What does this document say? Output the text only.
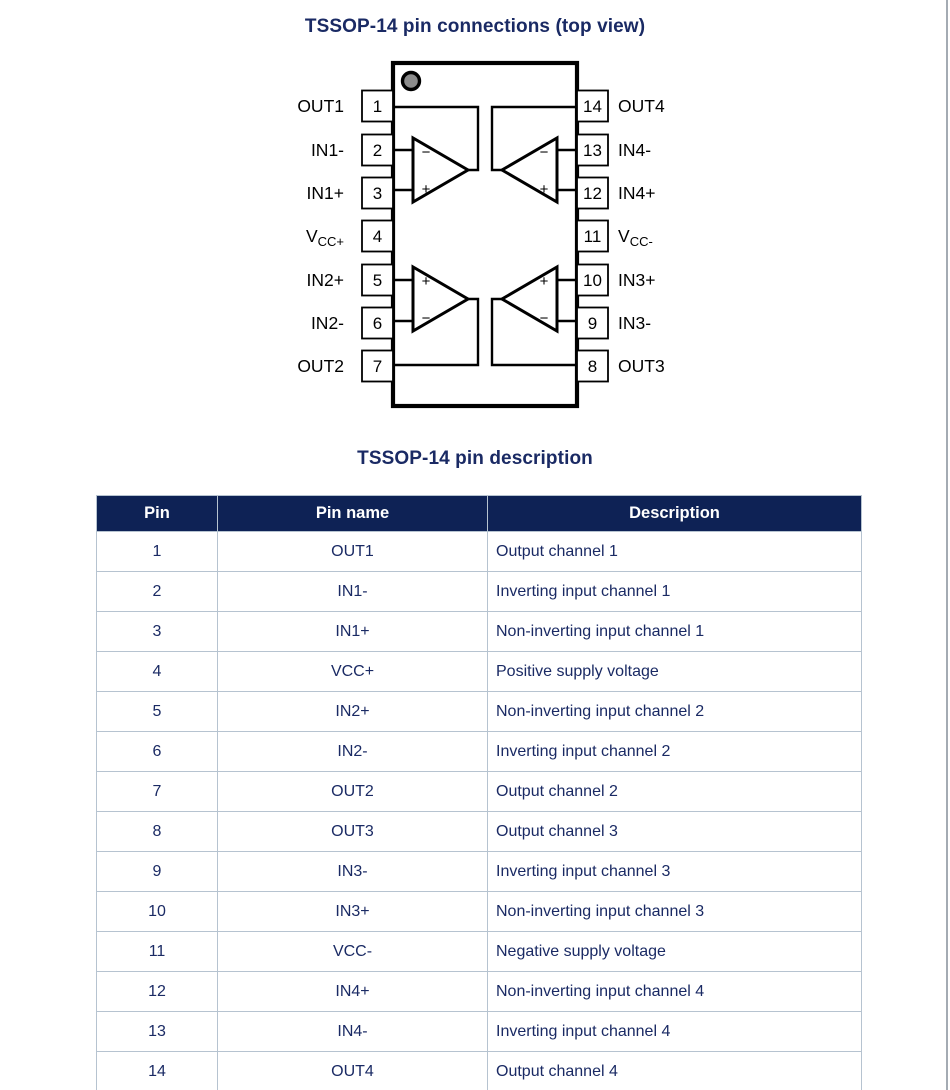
TSSOP-14 pin connections (top view)
OUT1 1
IN1- 2
IN1+ 3
$V_{CC+}$ 4
IN2+ 5
IN2- 6
OUT2 7
14 OUT4
13 IN4-
12 IN4+
11 $V_{CC-}$
10 IN3+
9 IN3-
8 OUT3
−
+
−
+
+
−
+
−
TSSOP-14 pin description
Pin	Pin name	Description
1	OUT1	Output channel 1
2	IN1-	Inverting input channel 1
3	IN1+	Non-inverting input channel 1
4	VCC+	Positive supply voltage
5	IN2+	Non-inverting input channel 2
6	IN2-	Inverting input channel 2
7	OUT2	Output channel 2
8	OUT3	Output channel 3
9	IN3-	Inverting input channel 3
10	IN3+	Non-inverting input channel 3
11	VCC-	Negative supply voltage
12	IN4+	Non-inverting input channel 4
13	IN4-	Inverting input channel 4
14	OUT4	Output channel 4
